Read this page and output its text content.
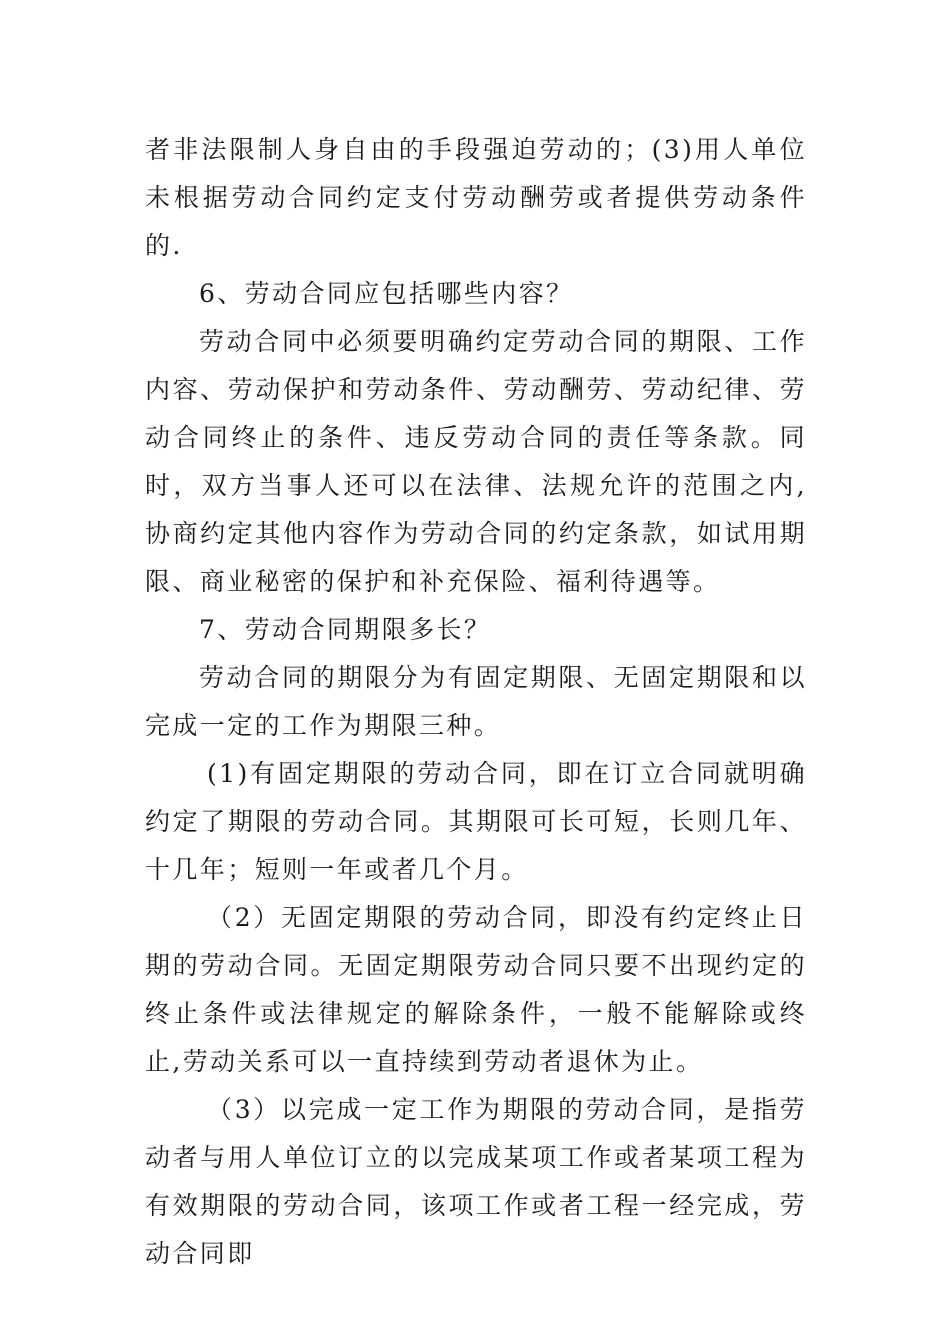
者非法限制人身自由的手段强迫劳动的；(3)用人单位未根据劳动合同约定支付劳动酬劳或者提供劳动条件的.

6、劳动合同应包括哪些内容？

劳动合同中必须要明确约定劳动合同的期限、工作内容、劳动保护和劳动条件、劳动酬劳、劳动纪律、劳动合同终止的条件、违反劳动合同的责任等条款。同时，双方当事人还可以在法律、法规允许的范围之内,协商约定其他内容作为劳动合同的约定条款，如试用期限、商业秘密的保护和补充保险、福利待遇等。

7、劳动合同期限多长？

劳动合同的期限分为有固定期限、无固定期限和以完成一定的工作为期限三种。

(1)有固定期限的劳动合同，即在订立合同就明确约定了期限的劳动合同。其期限可长可短，长则几年、十几年；短则一年或者几个月。

（2）无固定期限的劳动合同，即没有约定终止日期的劳动合同。无固定期限劳动合同只要不出现约定的终止条件或法律规定的解除条件，一般不能解除或终止,劳动关系可以一直持续到劳动者退休为止。

（3）以完成一定工作为期限的劳动合同，是指劳动者与用人单位订立的以完成某项工作或者某项工程为有效期限的劳动合同，该项工作或者工程一经完成，劳动合同即
